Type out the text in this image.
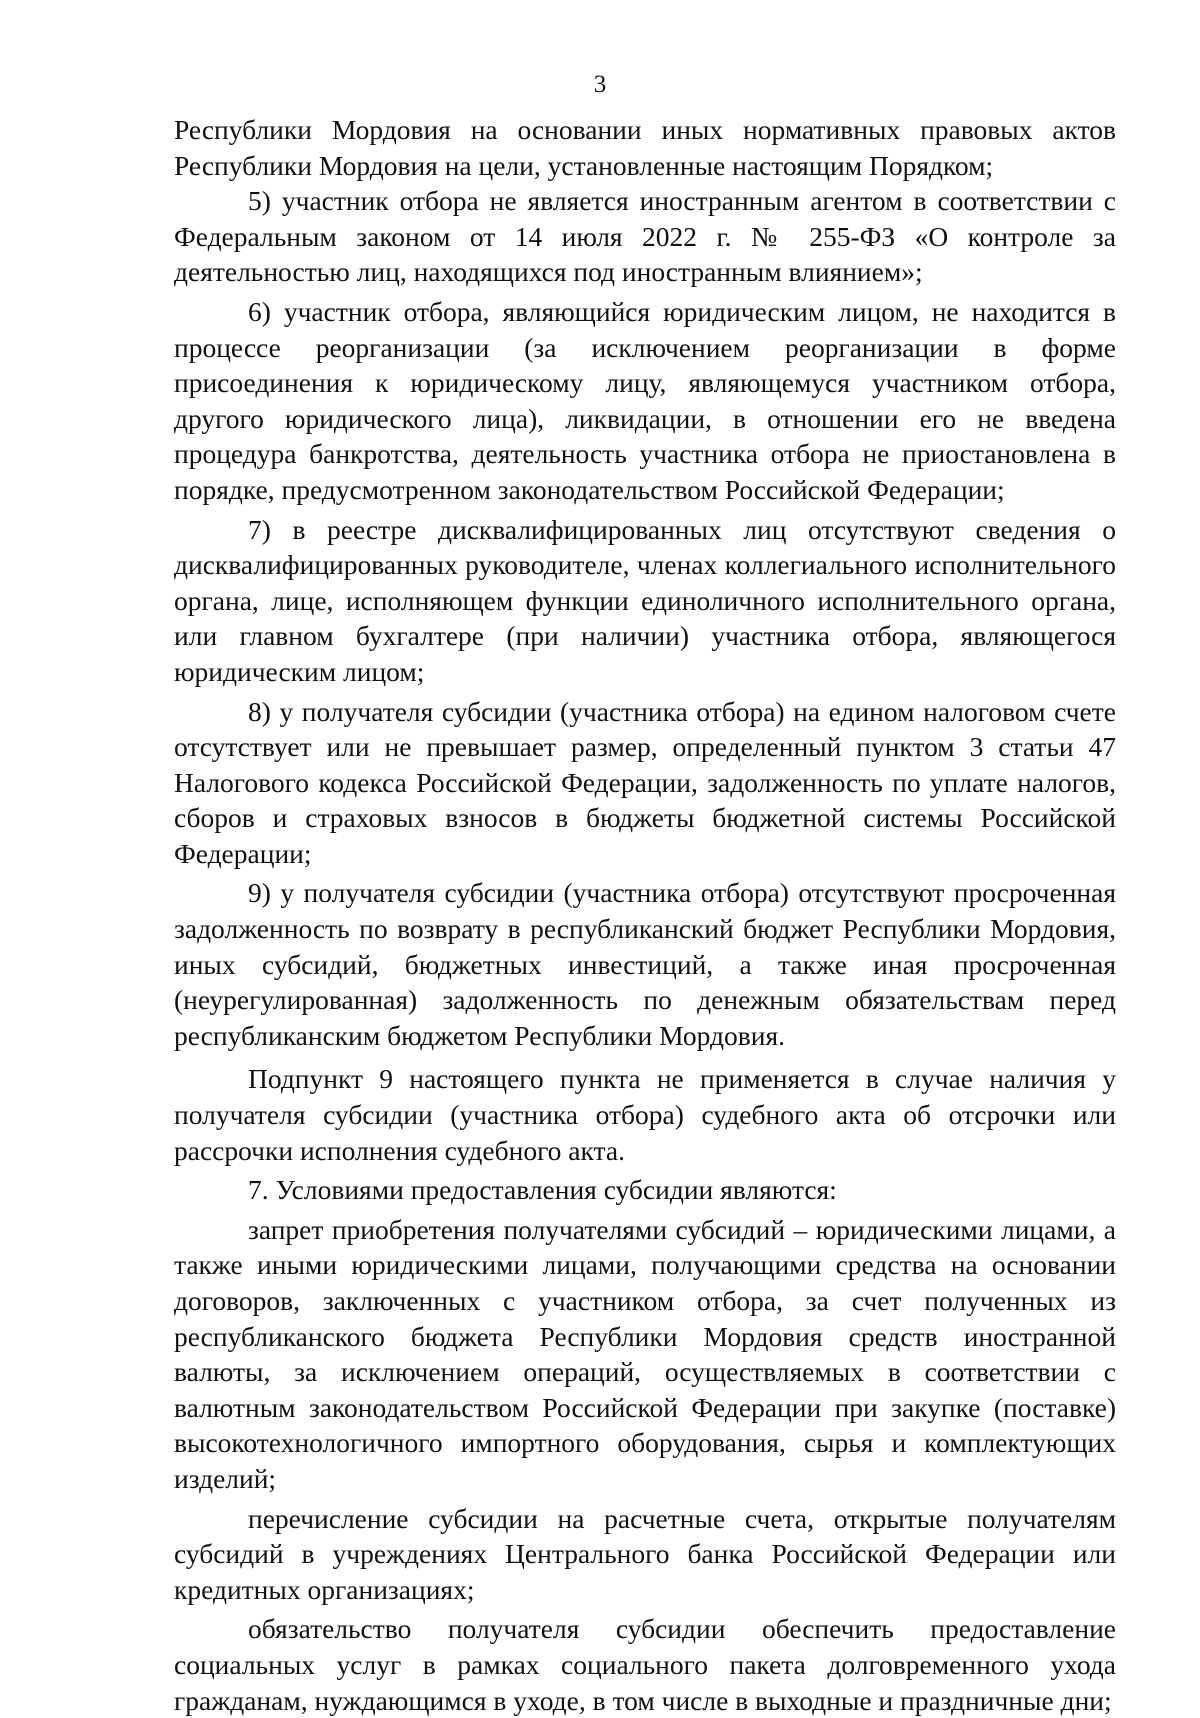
3

Республики Мордовия на основании иных нормативных правовых актов Республики Мордовия на цели, установленные настоящим Порядком;

5) участник отбора не является иностранным агентом в соответствии с Федеральным законом от 14 июля 2022 г. № 255-ФЗ «О контроле за деятельностью лиц, находящихся под иностранным влиянием»;

6) участник отбора, являющийся юридическим лицом, не находится в процессе реорганизации (за исключением реорганизации в форме присоединения к юридическому лицу, являющемуся участником отбора, другого юридического лица), ликвидации, в отношении его не введена процедура банкротства, деятельность участника отбора не приостановлена в порядке, предусмотренном законодательством Российской Федерации;

7) в реестре дисквалифицированных лиц отсутствуют сведения о дисквалифицированных руководителе, членах коллегиального исполнительного органа, лице, исполняющем функции единоличного исполнительного органа, или главном бухгалтере (при наличии) участника отбора, являющегося юридическим лицом;

8) у получателя субсидии (участника отбора) на едином налоговом счете отсутствует или не превышает размер, определенный пунктом 3 статьи 47 Налогового кодекса Российской Федерации, задолженность по уплате налогов, сборов и страховых взносов в бюджеты бюджетной системы Российской Федерации;

9) у получателя субсидии (участника отбора) отсутствуют просроченная задолженность по возврату в республиканский бюджет Республики Мордовия, иных субсидий, бюджетных инвестиций, а также иная просроченная (неурегулированная) задолженность по денежным обязательствам перед республиканским бюджетом Республики Мордовия.

Подпункт 9 настоящего пункта не применяется в случае наличия у получателя субсидии (участника отбора) судебного акта об отсрочки или рассрочки исполнения судебного акта.

7. Условиями предоставления субсидии являются:

запрет приобретения получателями субсидий – юридическими лицами, а также иными юридическими лицами, получающими средства на основании договоров, заключенных с участником отбора, за счет полученных из республиканского бюджета Республики Мордовия средств иностранной валюты, за исключением операций, осуществляемых в соответствии с валютным законодательством Российской Федерации при закупке (поставке) высокотехнологичного импортного оборудования, сырья и комплектующих изделий;

перечисление субсидии на расчетные счета, открытые получателям субсидий в учреждениях Центрального банка Российской Федерации или кредитных организациях;

обязательство получателя субсидии обеспечить предоставление социальных услуг в рамках социального пакета долговременного ухода гражданам, нуждающимся в уходе, в том числе в выходные и праздничные дни;
